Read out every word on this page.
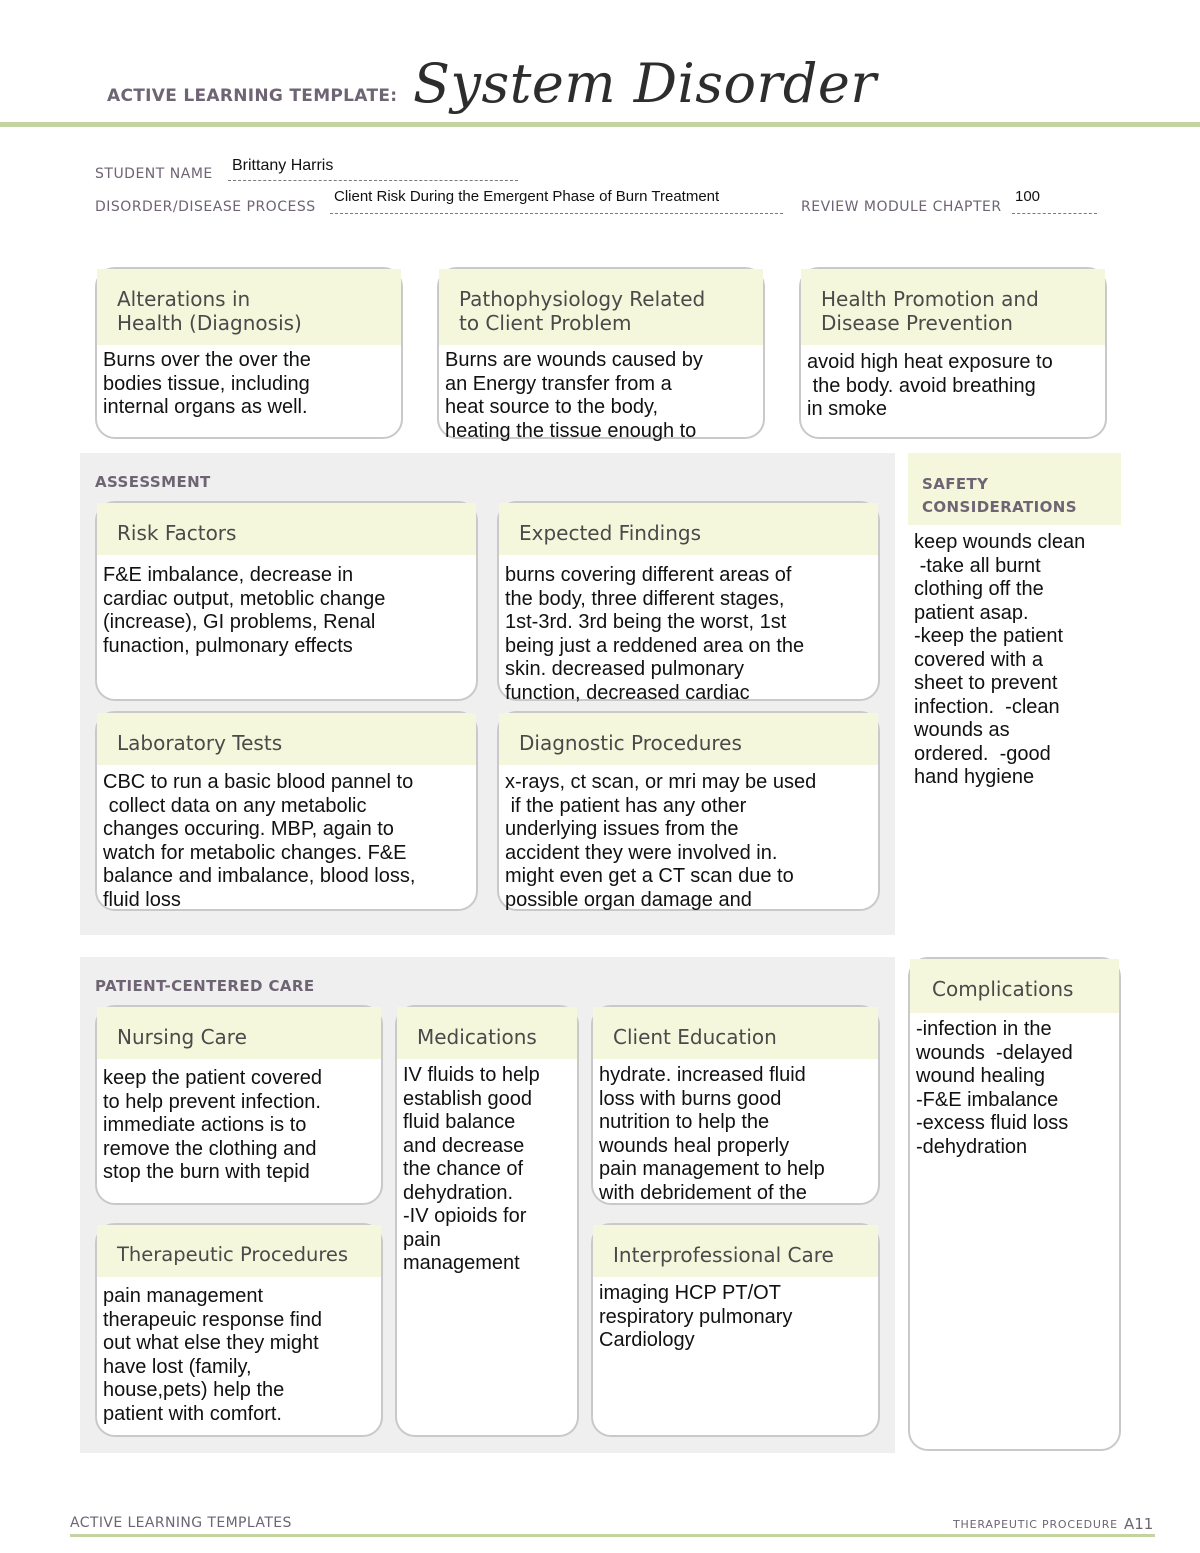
ACTIVE LEARNING TEMPLATE: System Disorder
STUDENT NAME Brittany Harris
DISORDER/DISEASE PROCESS
Client Risk During the Emergent Phase of Burn Treatment
REVIEW MODULE CHAPTER
100
Alterations in
Health (Diagnosis)
Burns over the over the
bodies tissue, including
internal organs as well.
Pathophysiology Related
to Client Problem
Burns are wounds caused by
an Energy transfer from a
heat source to the body,
heating the tissue enough to
Health Promotion and
Disease Prevention
avoid high heat exposure to
the body. avoid breathing
in smoke
ASSESSMENT
Risk Factors
F&E imbalance, decrease in
cardiac output, metoblic change
(increase), GI problems, Renal
funaction, pulmonary effects
Expected Findings
burns covering different areas of
the body, three different stages,
1st-3rd. 3rd being the worst, 1st
being just a reddened area on the
skin. decreased pulmonary
function, decreased cardiac
Laboratory Tests
CBC to run a basic blood pannel to
collect data on any metabolic
changes occuring. MBP, again to
watch for metabolic changes. F&E
balance and imbalance, blood loss,
fluid loss
Diagnostic Procedures
x-rays, ct scan, or mri may be used
if the patient has any other
underlying issues from the
accident they were involved in.
might even get a CT scan due to
possible organ damage and
SAFETY
CONSIDERATIONS
keep wounds clean
-take all burnt
clothing off the
patient asap.
-keep the patient
covered with a
sheet to prevent
infection.  -clean
wounds as
ordered.  -good
hand hygiene
PATIENT-CENTERED CARE
Nursing Care
keep the patient covered
to help prevent infection.
immediate actions is to
remove the clothing and
stop the burn with tepid
Medications
IV fluids to help
establish good
fluid balance
and decrease
the chance of
dehydration.
-IV opioids for
pain
management
Client Education
hydrate. increased fluid
loss with burns good
nutrition to help the
wounds heal properly
pain management to help
with debridement of the
Therapeutic Procedures
pain management
therapeuic response find
out what else they might
have lost (family,
house,pets) help the
patient with comfort.
Interprofessional Care
imaging HCP PT/OT
respiratory pulmonary
Cardiology
Complications
-infection in the
wounds  -delayed
wound healing
-F&E imbalance
-excess fluid loss
-dehydration
ACTIVE LEARNING TEMPLATES	THERAPEUTIC PROCEDURE A11
